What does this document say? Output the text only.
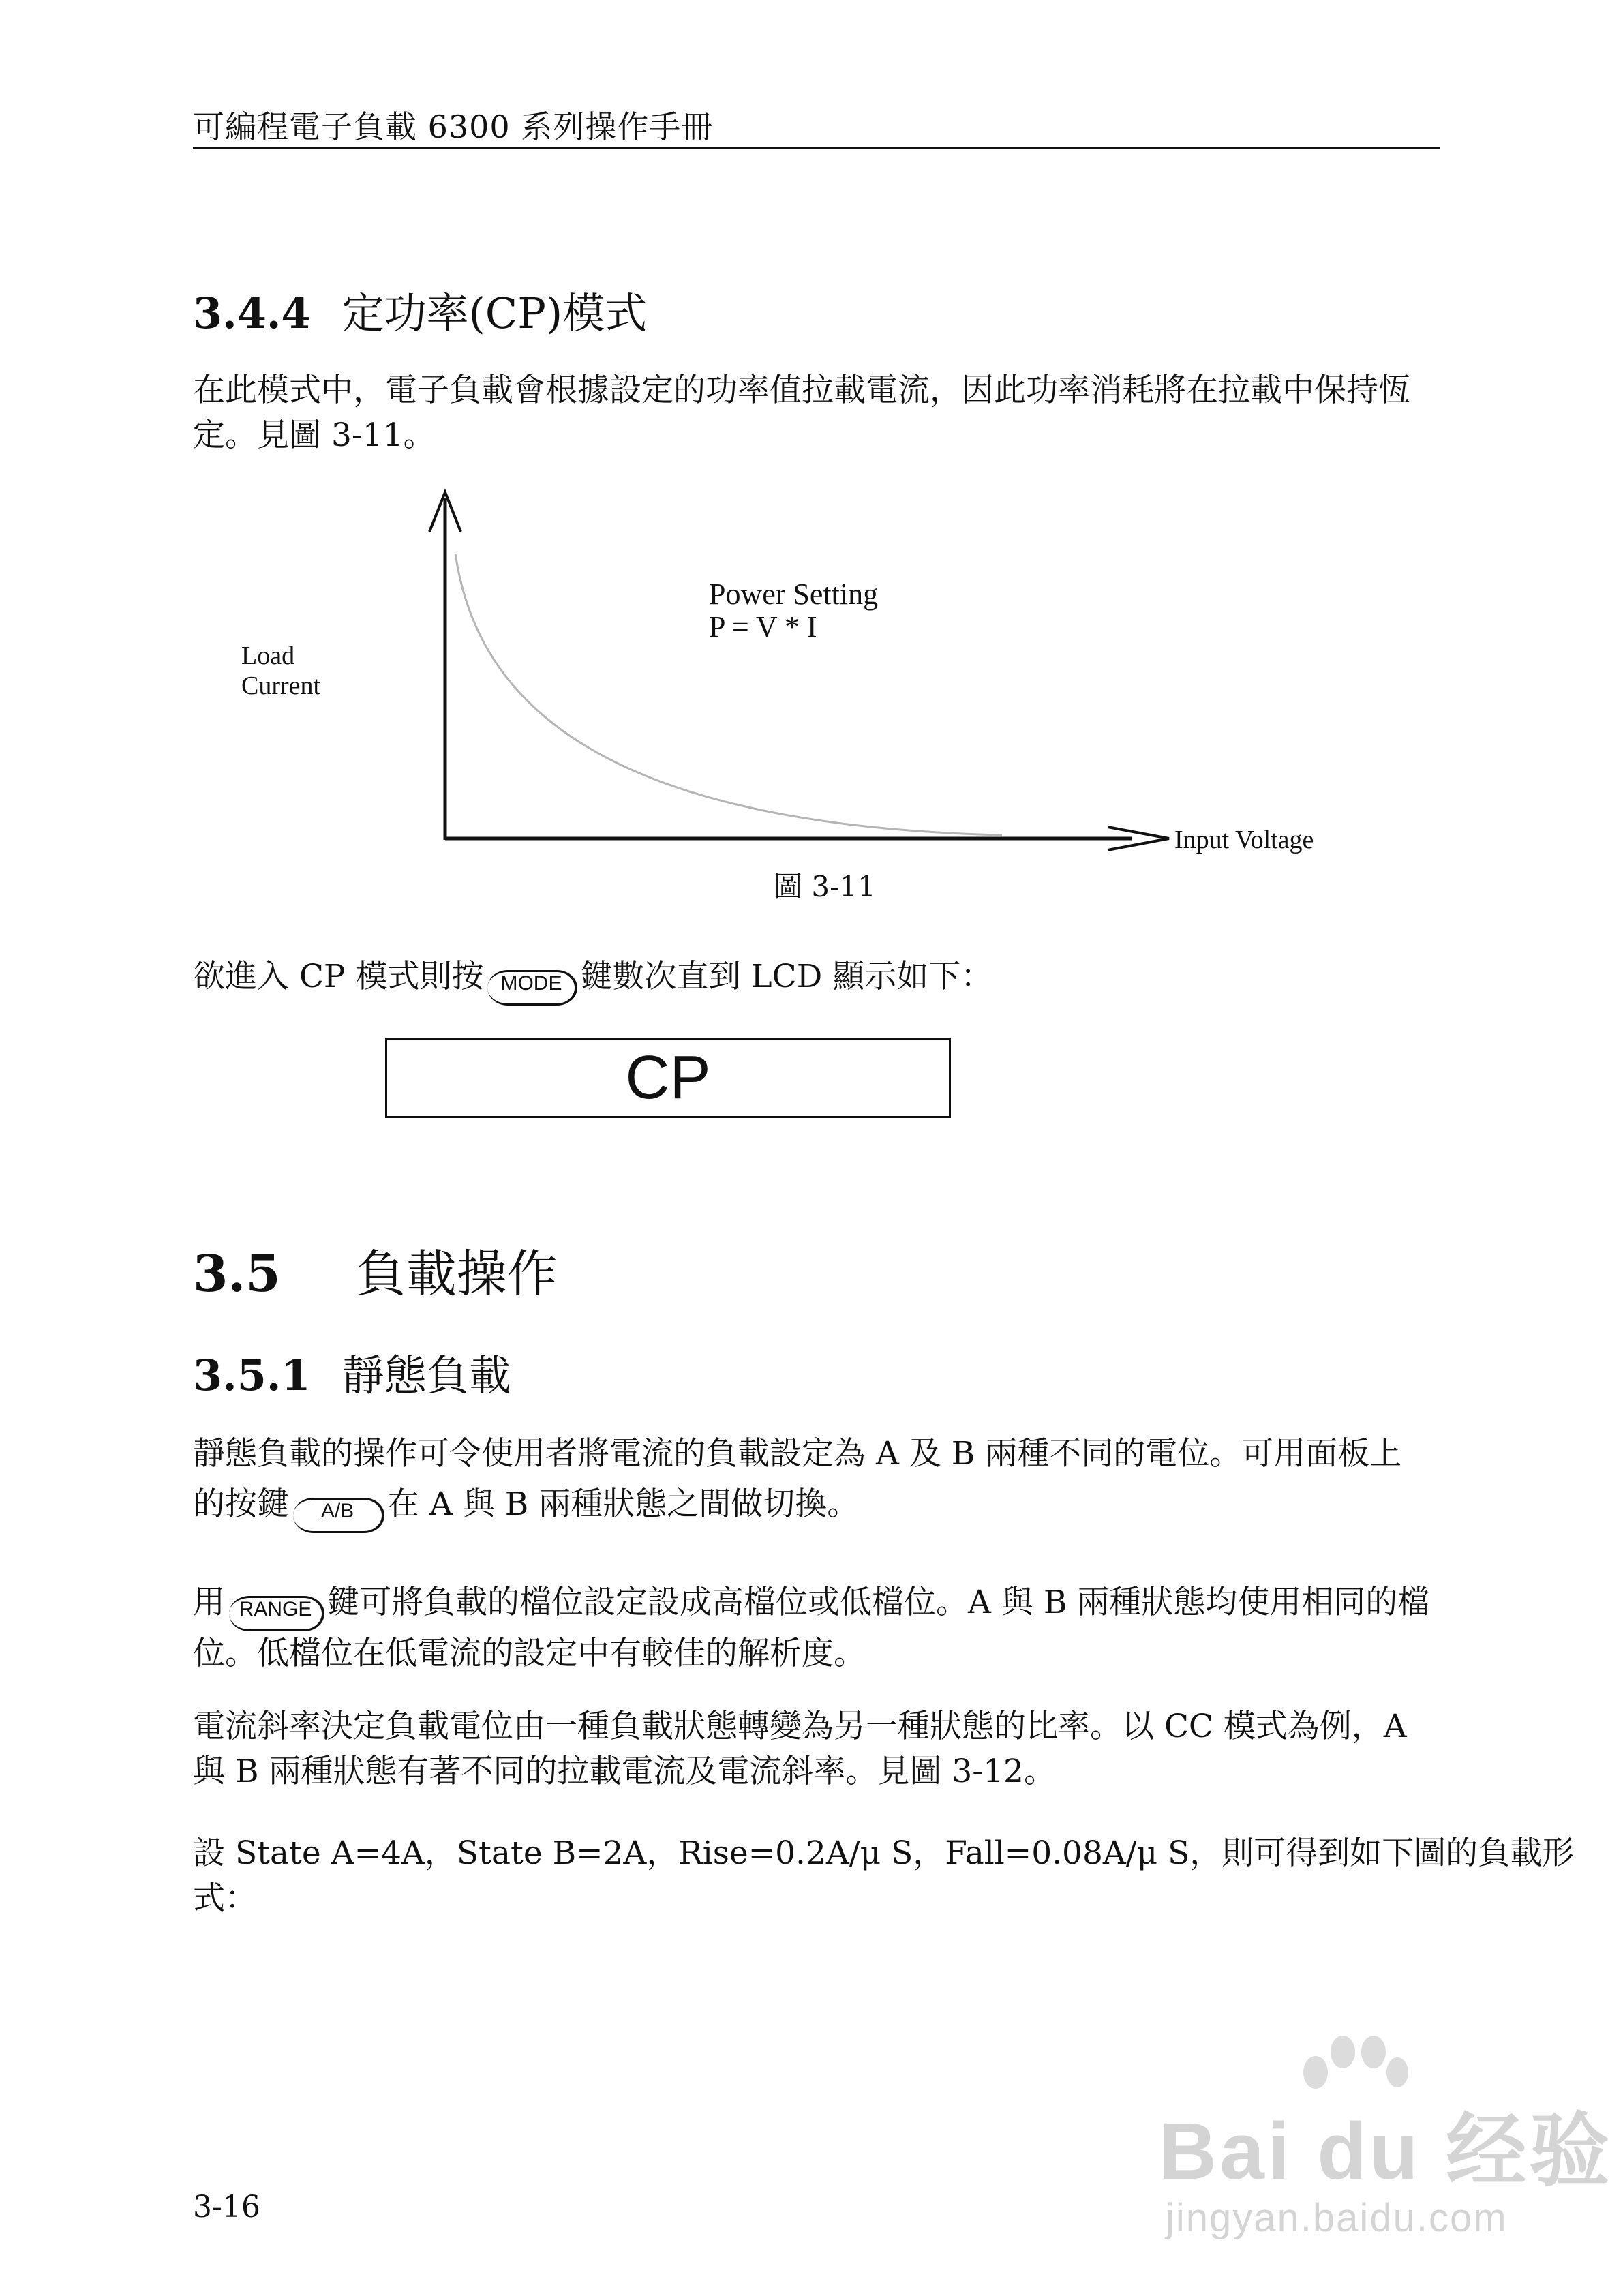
可編程電子負載 6300 系列操作手冊
3.4.4 定功率(CP)模式
在此模式中，電子負載會根據設定的功率值拉載電流，因此功率消耗將在拉載中保持恆
定。見圖 3-11。
Load
Current
Power Setting
P = V * I
Input Voltage
圖 3-11
欲進入 CP 模式則按 MODE 鍵數次直到 LCD 顯示如下：
CP
3.5 負載操作
3.5.1 靜態負載
靜態負載的操作可令使用者將電流的負載設定為 A 及 B 兩種不同的電位。可用面板上
的按鍵 A/B 在 A 與 B 兩種狀態之間做切換。
用 RANGE 鍵可將負載的檔位設定設成高檔位或低檔位。A 與 B 兩種狀態均使用相同的檔
位。低檔位在低電流的設定中有較佳的解析度。
電流斜率決定負載電位由一種負載狀態轉變為另一種狀態的比率。以 CC 模式為例，A
與 B 兩種狀態有著不同的拉載電流及電流斜率。見圖 3-12。
設 State A=4A，State B=2A，Rise=0.2A/μ S，Fall=0.08A/μ S，則可得到如下圖的負載形
式：
3-16
Bai du 经验
jingyan.baidu.com
